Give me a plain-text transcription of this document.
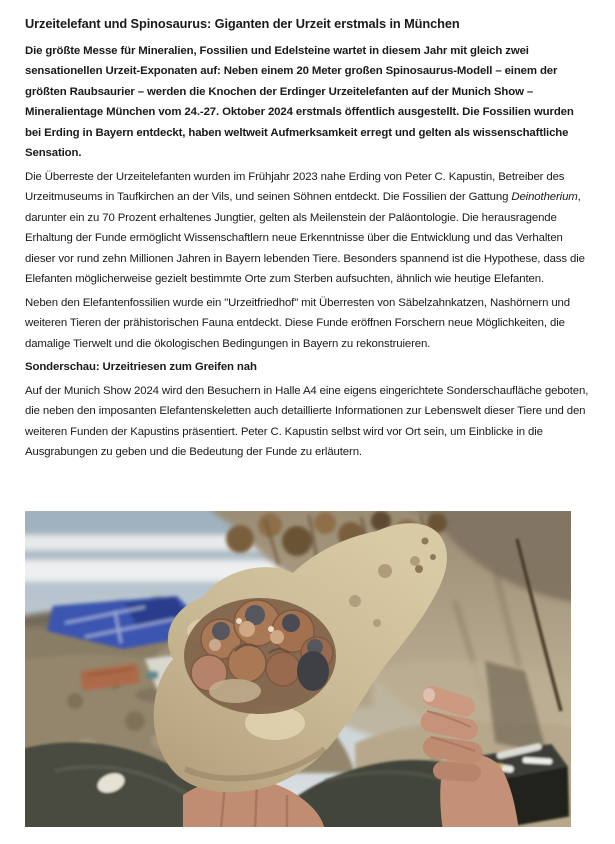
Urzeitelefant und Spinosaurus: Giganten der Urzeit erstmals in München

Die größte Messe für Mineralien, Fossilien und Edelsteine wartet in diesem Jahr mit gleich zwei sensationellen Urzeit-Exponaten auf: Neben einem 20 Meter großen Spinosaurus-Modell – einem der größten Raubsaurier – werden die Knochen der Erdinger Urzeitelefanten auf der Munich Show – Mineralientage München vom 24.-27. Oktober 2024 erstmals öffentlich ausgestellt. Die Fossilien wurden bei Erding in Bayern entdeckt, haben weltweit Aufmerksamkeit erregt und gelten als wissenschaftliche Sensation.

Die Überreste der Urzeitelefanten wurden im Frühjahr 2023 nahe Erding von Peter C. Kapustin, Betreiber des Urzeitmuseums in Taufkirchen an der Vils, und seinen Söhnen entdeckt. Die Fossilien der Gattung Deinotherium, darunter ein zu 70 Prozent erhaltenes Jungtier, gelten als Meilenstein der Paläontologie. Die herausragende Erhaltung der Funde ermöglicht Wissenschaftlern neue Erkenntnisse über die Entwicklung und das Verhalten dieser vor rund zehn Millionen Jahren in Bayern lebenden Tiere. Besonders spannend ist die Hypothese, dass die Elefanten möglicherweise gezielt bestimmte Orte zum Sterben aufsuchten, ähnlich wie heutige Elefanten.

Neben den Elefantenfossilien wurde ein "Urzeitfriedhof" mit Überresten von Säbelzahnkatzen, Nashörnern und weiteren Tieren der prähistorischen Fauna entdeckt. Diese Funde eröffnen Forschern neue Möglichkeiten, die damalige Tierwelt und die ökologischen Bedingungen in Bayern zu rekonstruieren.

Sonderschau: Urzeitriesen zum Greifen nah

Auf der Munich Show 2024 wird den Besuchern in Halle A4 eine eigens eingerichtete Sonderschaufläche geboten, die neben den imposanten Elefantenskeletten auch detaillierte Informationen zur Lebenswelt dieser Tiere und den weiteren Funden der Kapustins präsentiert. Peter C. Kapustin selbst wird vor Ort sein, um Einblicke in die Ausgrabungen zu geben und die Bedeutung der Funde zu erläutern.
